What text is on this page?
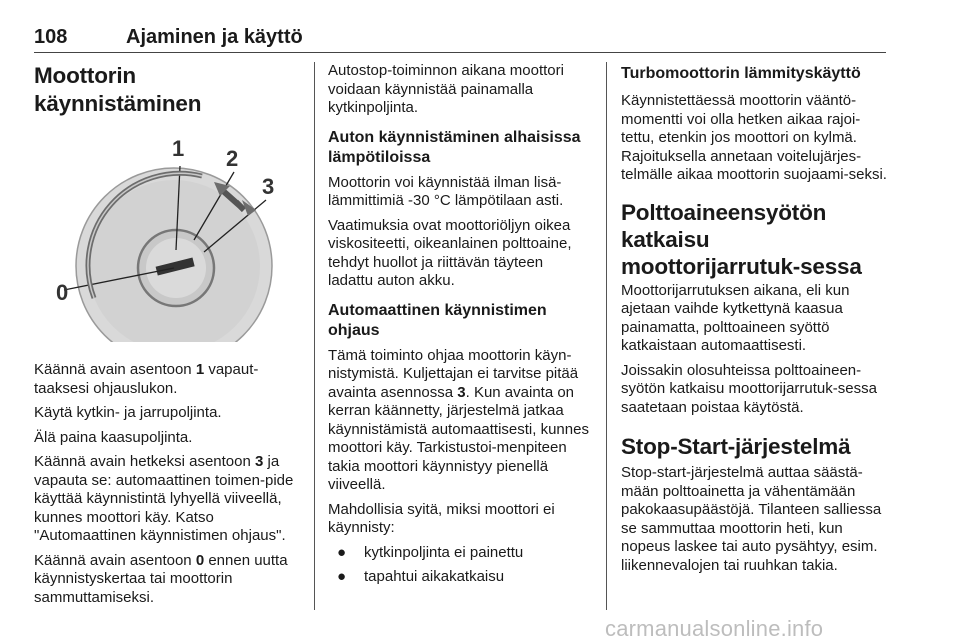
108	Ajaminen ja käyttö
Moottorin käynnistäminen
0
1 2
3

Käännä avain asentoon 1 vapaut-taaksesi ohjauslukon.

Käytä kytkin- ja jarrupoljinta.

Älä paina kaasupoljinta.

Käännä avain hetkeksi asentoon 3 ja vapauta se: automaattinen toimen-pide käyttää käynnistintä lyhyellä viiveellä, kunnes moottori käy. Katso "Automaattinen käynnistimen ohjaus".

Käännä avain asentoon 0 ennen uutta käynnistyskertaa tai moottorin sammuttamiseksi.

Autostop-toiminnon aikana moottori voidaan käynnistää painamalla kytkinpoljinta.

Auton käynnistäminen alhaisissa lämpötiloissa

Moottorin voi käynnistää ilman lisä-lämmittimiä -30 °C lämpötilaan asti.

Vaatimuksia ovat moottoriöljyn oikea viskositeetti, oikeanlainen polttoaine, tehdyt huollot ja riittävän täyteen ladattu auton akku.

Automaattinen käynnistimen ohjaus

Tämä toiminto ohjaa moottorin käyn-nistymistä. Kuljettajan ei tarvitse pitää avainta asennossa 3. Kun avainta on kerran käännetty, järjestelmä jatkaa käynnistämistä automaattisesti, kunnes moottori käy. Tarkistustoi-menpiteen takia moottori käynnistyy pienellä viiveellä.

Mahdollisia syitä, miksi moottori ei käynnisty:

● kytkinpoljinta ei painettu
● tapahtui aikakatkaisu
Turbomoottorin lämmityskäyttö

Käynnistettäessä moottorin vääntö-momentti voi olla hetken aikaa rajoi-tettu, etenkin jos moottori on kylmä. Rajoituksella annetaan voitelujärjes-telmälle aikaa moottorin suojaami-seksi.

Polttoaineensyötön katkaisu moottorijarrutuk-sessa

Moottorijarrutuksen aikana, eli kun ajetaan vaihde kytkettynä kaasua painamatta, polttoaineen syöttö katkaistaan automaattisesti.

Joissakin olosuhteissa polttoaineen-syötön katkaisu moottorijarrutuk-sessa saatetaan poistaa käytöstä.

Stop-Start-järjestelmä

Stop-start-järjestelmä auttaa säästä-mään polttoainetta ja vähentämään pakokaasupäästöjä. Tilanteen salliessa se sammuttaa moottorin heti, kun nopeus laskee tai auto pysähtyy, esim. liikennevalojen tai ruuhkan takia.

carmanualsonline.info
